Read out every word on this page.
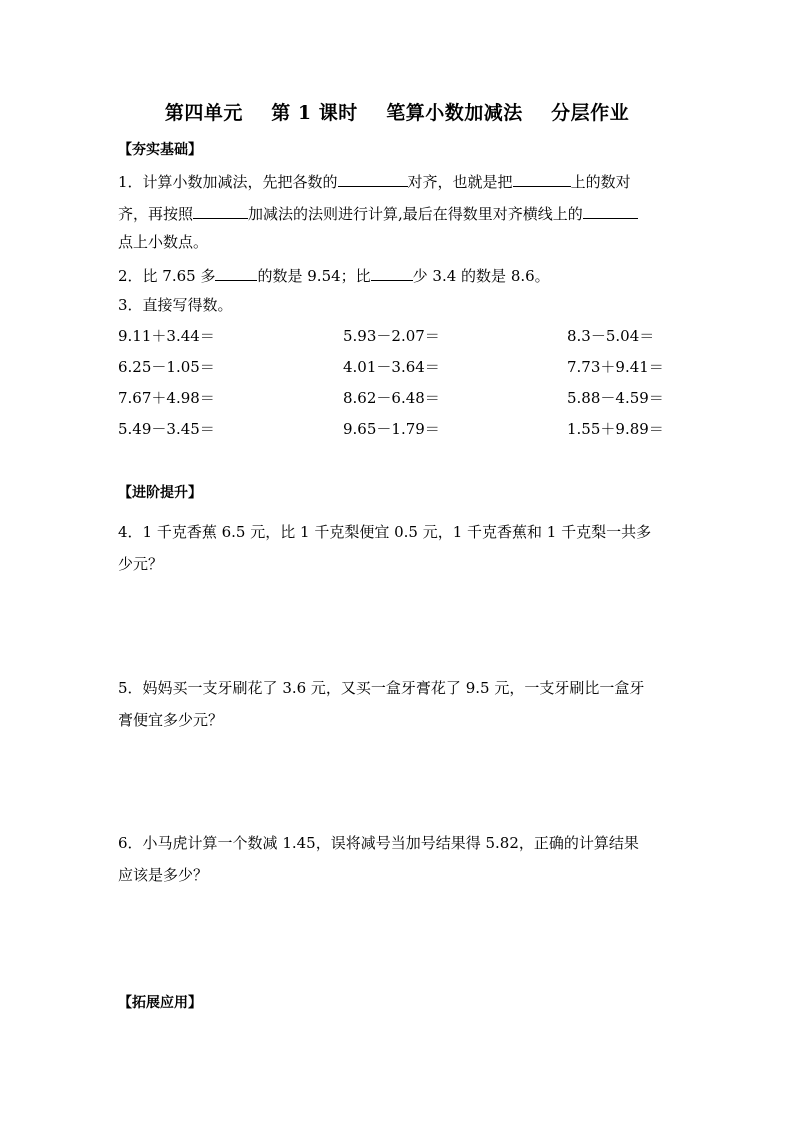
第四单元    第 1 课时    笔算小数加减法    分层作业
【夯实基础】
1．计算小数加减法，先把各数的	对齐，也就是把	上的数对
齐，再按照	加减法的法则进行计算,最后在得数里对齐横线上的
点上小数点。
2．比 7.65 多	的数是 9.54；比	少 3.4 的数是 8.6。
3．直接写得数。
9.11＋3.44＝	5.93－2.07＝	8.3－5.04＝
6.25－1.05＝	4.01－3.64＝	7.73＋9.41＝
7.67＋4.98＝	8.62－6.48＝	5.88－4.59＝
5.49－3.45＝	9.65－1.79＝	1.55＋9.89＝
【进阶提升】
4．1 千克香蕉 6.5 元，比 1 千克梨便宜 0.5 元，1 千克香蕉和 1 千克梨一共多
少元？
5．妈妈买一支牙刷花了 3.6 元，又买一盒牙膏花了 9.5 元，一支牙刷比一盒牙
膏便宜多少元？
6．小马虎计算一个数减 1.45，误将减号当加号结果得 5.82，正确的计算结果
应该是多少？
【拓展应用】
